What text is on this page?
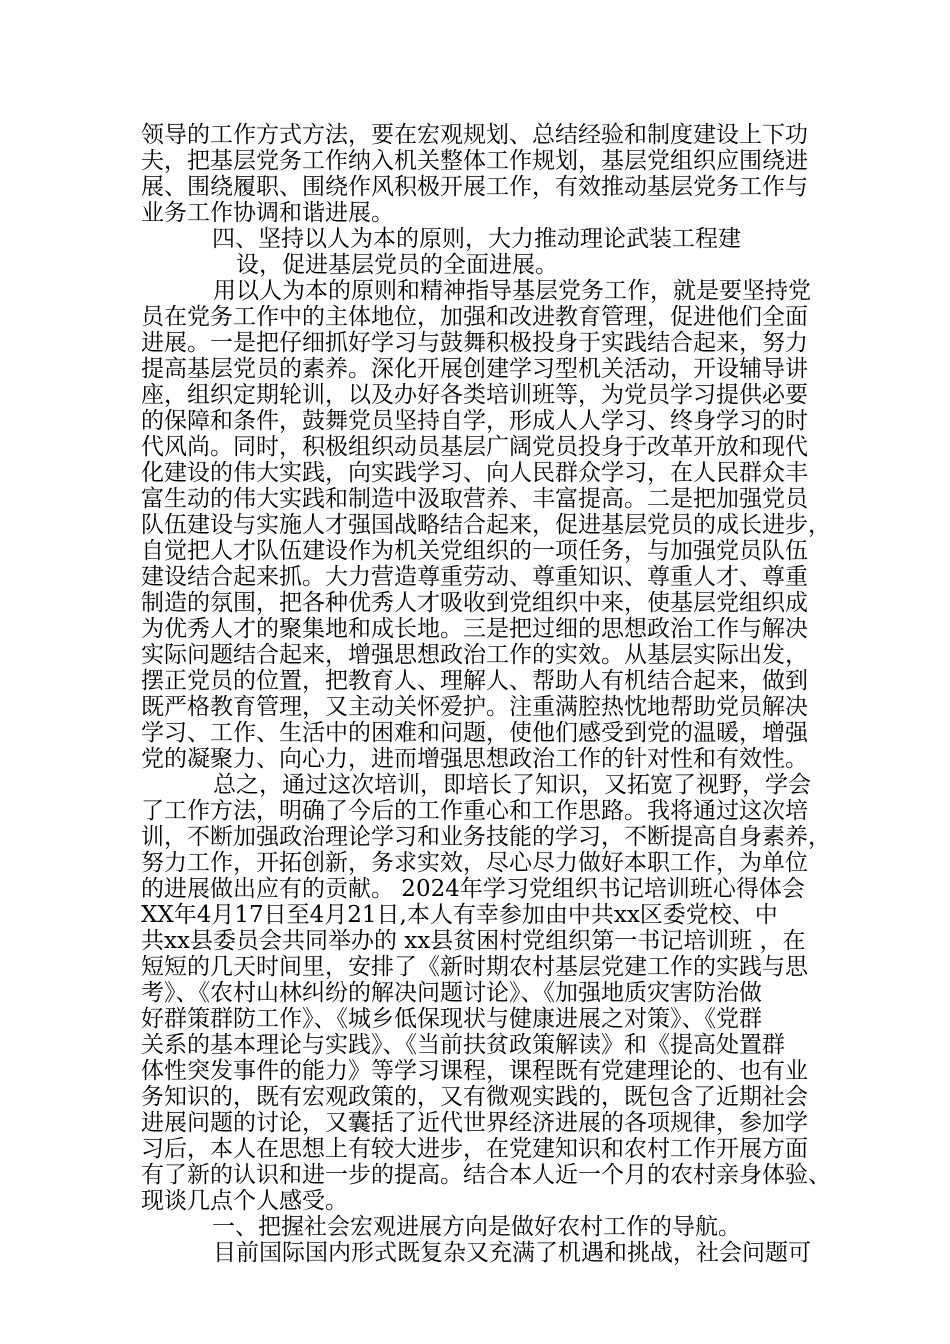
领导的工作方式方法，要在宏观规划、总结经验和制度建设上下功
夫，把基层党务工作纳入机关整体工作规划，基层党组织应围绕进
展、围绕履职、围绕作风积极开展工作，有效推动基层党务工作与
业务工作协调和谐进展。
四、坚持以人为本的原则，大力推动理论武装工程建
设，促进基层党员的全面进展。
用以人为本的原则和精神指导基层党务工作，就是要坚持党
员在党务工作中的主体地位，加强和改进教育管理，促进他们全面
进展。一是把仔细抓好学习与鼓舞积极投身于实践结合起来，努力
提高基层党员的素养。深化开展创建学习型机关活动，开设辅导讲
座，组织定期轮训，以及办好各类培训班等，为党员学习提供必要
的保障和条件，鼓舞党员坚持自学，形成人人学习、终身学习的时
代风尚。同时，积极组织动员基层广阔党员投身于改革开放和现代
化建设的伟大实践，向实践学习、向人民群众学习，在人民群众丰
富生动的伟大实践和制造中汲取营养、丰富提高。二是把加强党员
队伍建设与实施人才强国战略结合起来，促进基层党员的成长进步，
自觉把人才队伍建设作为机关党组织的一项任务，与加强党员队伍
建设结合起来抓。大力营造尊重劳动、尊重知识、尊重人才、尊重
制造的氛围，把各种优秀人才吸收到党组织中来，使基层党组织成
为优秀人才的聚集地和成长地。三是把过细的思想政治工作与解决
实际问题结合起来，增强思想政治工作的实效。从基层实际出发，
摆正党员的位置，把教育人、理解人、帮助人有机结合起来，做到
既严格教育管理，又主动关怀爱护。注重满腔热忱地帮助党员解决
学习、工作、生活中的困难和问题，使他们感受到党的温暖，增强
党的凝聚力、向心力，进而增强思想政治工作的针对性和有效性。
总之，通过这次培训，即培长了知识，又拓宽了视野，学会
了工作方法，明确了今后的工作重心和工作思路。我将通过这次培
训，不断加强政治理论学习和业务技能的学习，不断提高自身素养，
努力工作，开拓创新，务求实效，尽心尽力做好本职工作，为单位
的进展做出应有的贡献。 2024年学习党组织书记培训班心得体会
XX年4月17日至4月21日,本人有幸参加由中共xx区委党校、中
共xx县委员会共同举办的 xx县贫困村党组织第一书记培训班 ，在
短短的几天时间里，安排了《新时期农村基层党建工作的实践与思
考》、《农村山林纠纷的解决问题讨论》、《加强地质灾害防治做
好群策群防工作》、《城乡低保现状与健康进展之对策》、《党群
关系的基本理论与实践》、《当前扶贫政策解读》和《提高处置群
体性突发事件的能力》等学习课程，课程既有党建理论的、也有业
务知识的，既有宏观政策的，又有微观实践的，既包含了近期社会
进展问题的讨论，又囊括了近代世界经济进展的各项规律，参加学
习后，本人在思想上有较大进步，在党建知识和农村工作开展方面
有了新的认识和进一步的提高。结合本人近一个月的农村亲身体验、
现谈几点个人感受。
一、把握社会宏观进展方向是做好农村工作的导航。
目前国际国内形式既复杂又充满了机遇和挑战，社会问题可
